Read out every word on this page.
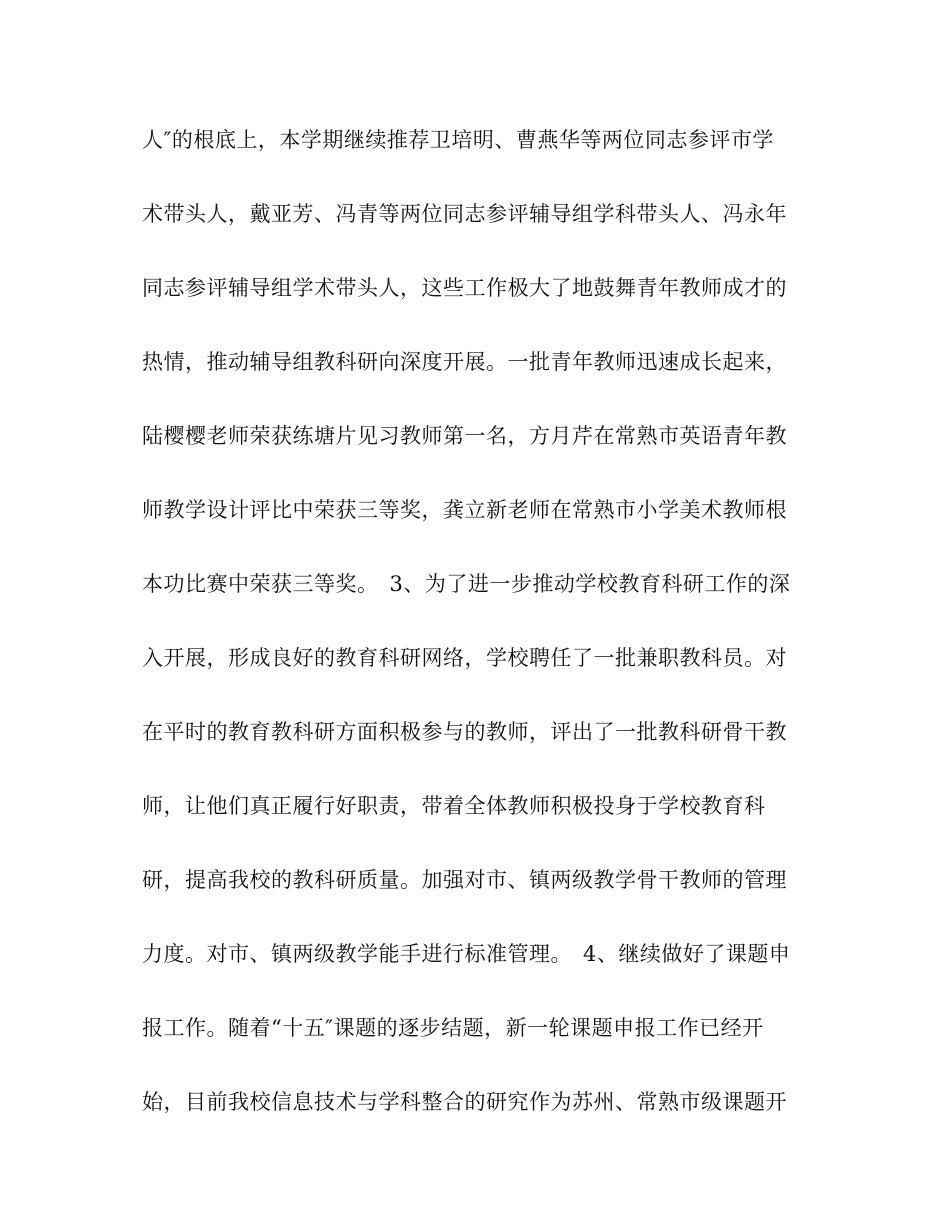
人″的根底上，本学期继续推荐卫培明、曹燕华等两位同志参评市学
术带头人，戴亚芳、冯青等两位同志参评辅导组学科带头人、冯永年
同志参评辅导组学术带头人，这些工作极大了地鼓舞青年教师成才的
热情，推动辅导组教科研向深度开展。一批青年教师迅速成长起来，
陆樱樱老师荣获练塘片见习教师第一名，方月芹在常熟市英语青年教
师教学设计评比中荣获三等奖，龚立新老师在常熟市小学美术教师根
本功比赛中荣获三等奖。　3、为了进一步推动学校教育科研工作的深
入开展，形成良好的教育科研网络，学校聘任了一批兼职教科员。对
在平时的教育教科研方面积极参与的教师，评出了一批教科研骨干教
师，让他们真正履行好职责，带着全体教师积极投身于学校教育科
研，提高我校的教科研质量。加强对市、镇两级教学骨干教师的管理
力度。对市、镇两级教学能手进行标准管理。　4、继续做好了课题申
报工作。随着“十五″课题的逐步结题，新一轮课题申报工作已经开
始，目前我校信息技术与学科整合的研究作为苏州、常熟市级课题开
